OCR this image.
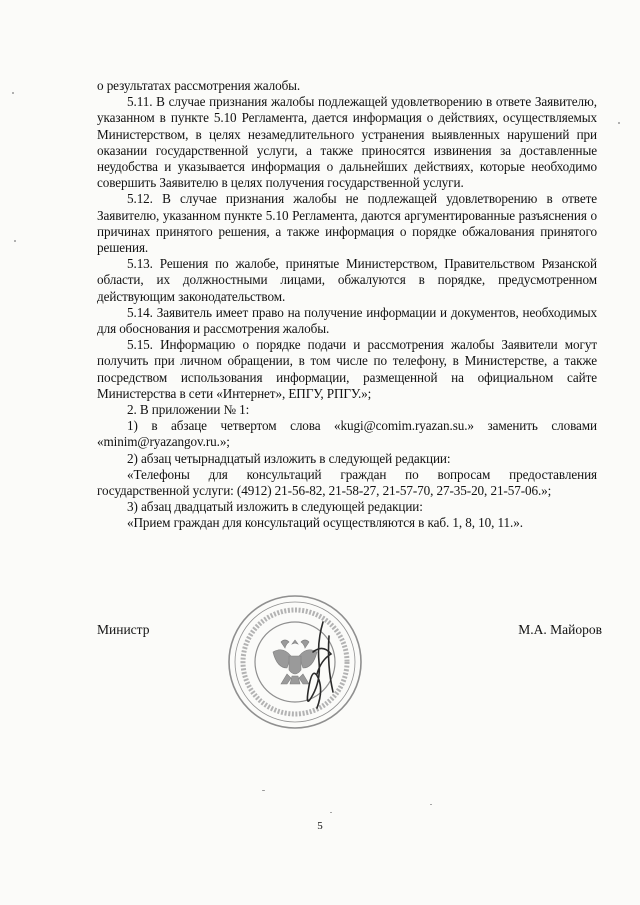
о результатах рассмотрения жалобы.

5.11. В случае признания жалобы подлежащей удовлетворению в ответе Заявителю, указанном в пункте 5.10 Регламента, дается информация о действиях, осуществляемых Министерством, в целях незамедлительного устранения выявленных нарушений при оказании государственной услуги, а также приносятся извинения за доставленные неудобства и указывается информация о дальнейших действиях, которые необходимо совершить Заявителю в целях получения государственной услуги.

5.12. В случае признания жалобы не подлежащей удовлетворению в ответе Заявителю, указанном пункте 5.10 Регламента, даются аргументированные разъяснения о причинах принятого решения, а также информация о порядке обжалования принятого решения.

5.13. Решения по жалобе, принятые Министерством, Правительством Рязанской области, их должностными лицами, обжалуются в порядке, предусмотренном действующим законодательством.

5.14. Заявитель имеет право на получение информации и документов, необходимых для обоснования и рассмотрения жалобы.

5.15. Информацию о порядке подачи и рассмотрения жалобы Заявители могут получить при личном обращении, в том числе по телефону, в Министерстве, а также посредством использования информации, размещенной на официальном сайте Министерства в сети «Интернет», ЕПГУ, РПГУ.»;

2. В приложении № 1:

1) в абзаце четвертом слова «kugi@comim.ryazan.su.» заменить словами «minim@ryazangov.ru.»;

2) абзац четырнадцатый изложить в следующей редакции:

«Телефоны для консультаций граждан по вопросам предоставления государственной услуги: (4912) 21-56-82, 21-58-27, 21-57-70, 27-35-20, 21-57-06.»;

3) абзац двадцатый изложить в следующей редакции:

«Прием граждан для консультаций осуществляются в каб. 1, 8, 10, 11.».

Министр	М.А. Майоров
5
